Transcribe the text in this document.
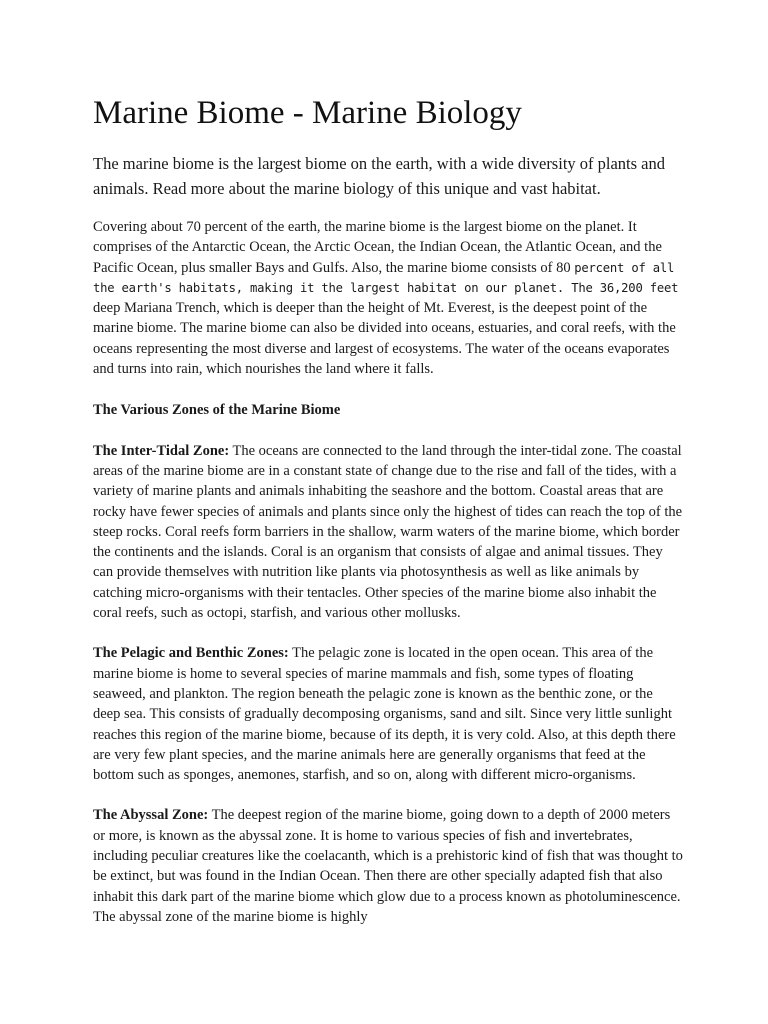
Marine Biome - Marine Biology

The marine biome is the largest biome on the earth, with a wide diversity of plants and animals. Read more about the marine biology of this unique and vast habitat.

Covering about 70 percent of the earth, the marine biome is the largest biome on the planet. It comprises of the Antarctic Ocean, the Arctic Ocean, the Indian Ocean, the Atlantic Ocean, and the Pacific Ocean, plus smaller Bays and Gulfs. Also, the marine biome consists of 80 percent of all the earth's habitats, making it the largest habitat on our planet. The 36,200 feet deep Mariana Trench, which is deeper than the height of Mt. Everest, is the deepest point of the marine biome. The marine biome can also be divided into oceans, estuaries, and coral reefs, with the oceans representing the most diverse and largest of ecosystems. The water of the oceans evaporates and turns into rain, which nourishes the land where it falls.

The Various Zones of the Marine Biome

The Inter-Tidal Zone: The oceans are connected to the land through the inter-tidal zone. The coastal areas of the marine biome are in a constant state of change due to the rise and fall of the tides, with a variety of marine plants and animals inhabiting the seashore and the bottom. Coastal areas that are rocky have fewer species of animals and plants since only the highest of tides can reach the top of the steep rocks. Coral reefs form barriers in the shallow, warm waters of the marine biome, which border the continents and the islands. Coral is an organism that consists of algae and animal tissues. They can provide themselves with nutrition like plants via photosynthesis as well as like animals by catching micro-organisms with their tentacles. Other species of the marine biome also inhabit the coral reefs, such as octopi, starfish, and various other mollusks.

The Pelagic and Benthic Zones: The pelagic zone is located in the open ocean. This area of the marine biome is home to several species of marine mammals and fish, some types of floating seaweed, and plankton. The region beneath the pelagic zone is known as the benthic zone, or the deep sea. This consists of gradually decomposing organisms, sand and silt. Since very little sunlight reaches this region of the marine biome, because of its depth, it is very cold. Also, at this depth there are very few plant species, and the marine animals here are generally organisms that feed at the bottom such as sponges, anemones, starfish, and so on, along with different micro-organisms.

The Abyssal Zone: The deepest region of the marine biome, going down to a depth of 2000 meters or more, is known as the abyssal zone. It is home to various species of fish and invertebrates, including peculiar creatures like the coelacanth, which is a prehistoric kind of fish that was thought to be extinct, but was found in the Indian Ocean. Then there are other specially adapted fish that also inhabit this dark part of the marine biome which glow due to a process known as photoluminescence. The abyssal zone of the marine biome is highly
